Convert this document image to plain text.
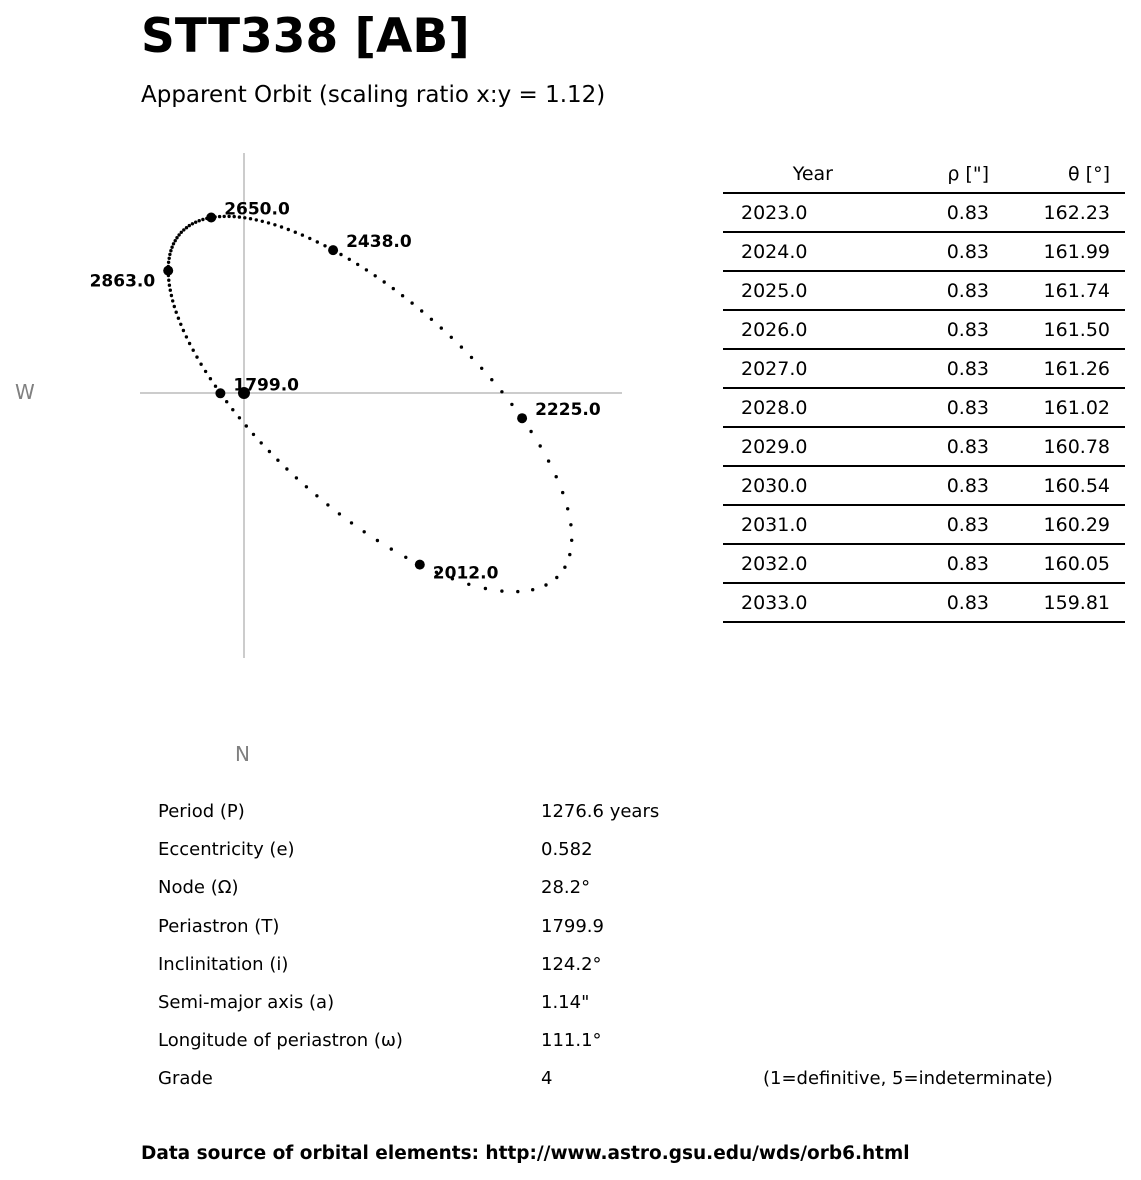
STT338 [AB]
Apparent Orbit (scaling ratio x:y = 1.12)
1799.0
2012.0
2225.0
2438.0
2650.0
2863.0
W
N
Year	ρ ["]	θ [°]
2023.0	0.83	162.23
2024.0	0.83	161.99
2025.0	0.83	161.74
2026.0	0.83	161.50
2027.0	0.83	161.26
2028.0	0.83	161.02
2029.0	0.83	160.78
2030.0	0.83	160.54
2031.0	0.83	160.29
2032.0	0.83	160.05
2033.0	0.83	159.81
Period (P)	1276.6 years
Eccentricity (e)	0.582
Node (Ω)	28.2°
Periastron (T)	1799.9
Inclinitation (i)	124.2°
Semi-major axis (a)	1.14"
Longitude of periastron (ω)	111.1°
Grade	4	(1=definitive, 5=indeterminate)
Data source of orbital elements: http://www.astro.gsu.edu/wds/orb6.html
